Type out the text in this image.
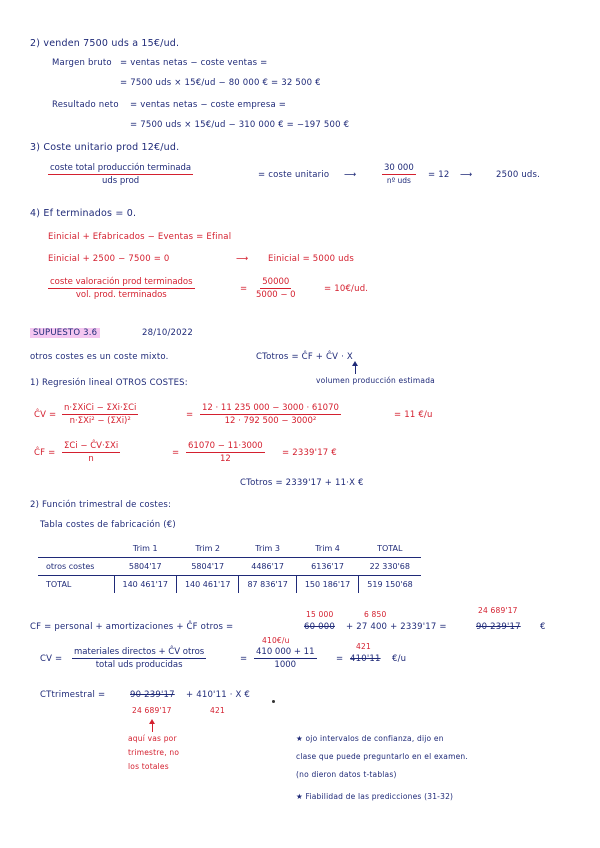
2) venden 7500 uds a 15€/ud.
Margen bruto = ventas netas − coste ventas =
= 7500 uds × 15€/ud − 80 000 € = 32 500 €
Resultado neto = ventas netas − coste empresa =
= 7500 uds × 15€/ud − 310 000 € = −197 500 €
3) Coste unitario prod 12€/ud.
coste total producción terminada
uds prod
= coste unitario ⟶
30 000
nº uds
= 12 ⟶	2500 uds.
4) Ef terminados = 0.
Einicial + Efabricados − Eventas = Efinal
Einicial + 2500 − 7500 = 0	⟶ Einicial = 5000 uds
coste valoración prod terminados
vol. prod. terminados
= $\frac{50000}{5000 - 0}$	= 10€/ud.
SUPUESTO 3.6	28/10/2022
otros costes es un coste mixto.	CTotros = ĈF + ĈV · X
volumen producción estimada
1) Regresión lineal OTROS COSTES:
ĈV =
n·ΣXiCi − ΣXi·ΣCi
n·ΣXi² − (ΣXi)²
= $\frac{12 \cdot 11 235 000 - 3000 \cdot 61070}{\text{12 · 792 500 − 3000²}}$	= 11 €/u
ĈF =
ΣCi − ĈV·ΣXi
n
= $\frac{61070 - 11\cdot 3000}{12} = 2339'17$ €
CTotros = 2339'17 + 11·X €
2) Función trimestral de costes:
Tabla costes de fabricación (€)
	Trim 1	Trim 2	Trim 3	Trim 4	TOTAL
otros costes	5804'17	5804'17	4486'17	6136'17	22 330'68
TOTAL	140 461'17	140 461'17	87 836'17	150 186'17	519 150'68
15 000	6 850	24 689'17
CF = personal + amortizaciones + ĈF otros =	60 000 + 27 400 + 2339'17 =	90 239'17 €
CV =
materiales directos + ĈV otros
total uds producidas
=
410€/u
$\frac{410 000 + 11}{1000}$ =
421
410'11 €/u
CTtrimestral =	90 239'17 + 410'11 · X €
24 689'17	421
aquí vas por
trimestre, no
los totales
★ ojo intervalos de confianza, dijo en
clase que puede preguntarlo en el examen.
(no dieron datos t-tablas)
★ Fiabilidad de las predicciones (31-32)
